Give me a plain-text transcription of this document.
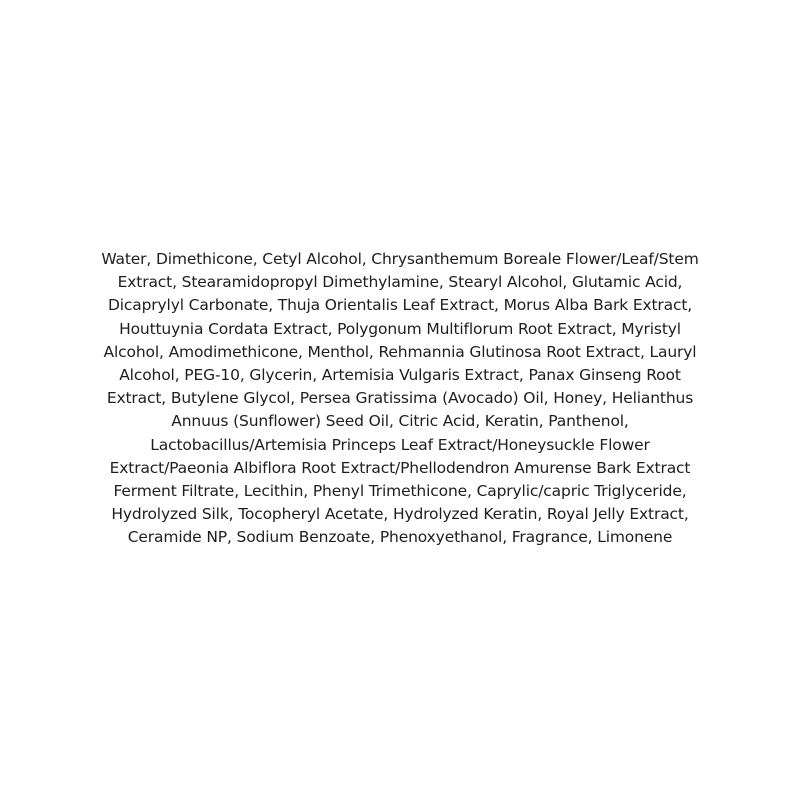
Water, Dimethicone, Cetyl Alcohol, Chrysanthemum Boreale Flower/Leaf/Stem
Extract, Stearamidopropyl Dimethylamine, Stearyl Alcohol, Glutamic Acid,
Dicaprylyl Carbonate, Thuja Orientalis Leaf Extract, Morus Alba Bark Extract,
Houttuynia Cordata Extract, Polygonum Multiflorum Root Extract, Myristyl
Alcohol, Amodimethicone, Menthol, Rehmannia Glutinosa Root Extract, Lauryl
Alcohol, PEG-10, Glycerin, Artemisia Vulgaris Extract, Panax Ginseng Root
Extract, Butylene Glycol, Persea Gratissima (Avocado) Oil, Honey, Helianthus
Annuus (Sunflower) Seed Oil, Citric Acid, Keratin, Panthenol,
Lactobacillus/Artemisia Princeps Leaf Extract/Honeysuckle Flower
Extract/Paeonia Albiflora Root Extract/Phellodendron Amurense Bark Extract
Ferment Filtrate, Lecithin, Phenyl Trimethicone, Caprylic/capric Triglyceride,
Hydrolyzed Silk, Tocopheryl Acetate, Hydrolyzed Keratin, Royal Jelly Extract,
Ceramide NP, Sodium Benzoate, Phenoxyethanol, Fragrance, Limonene
